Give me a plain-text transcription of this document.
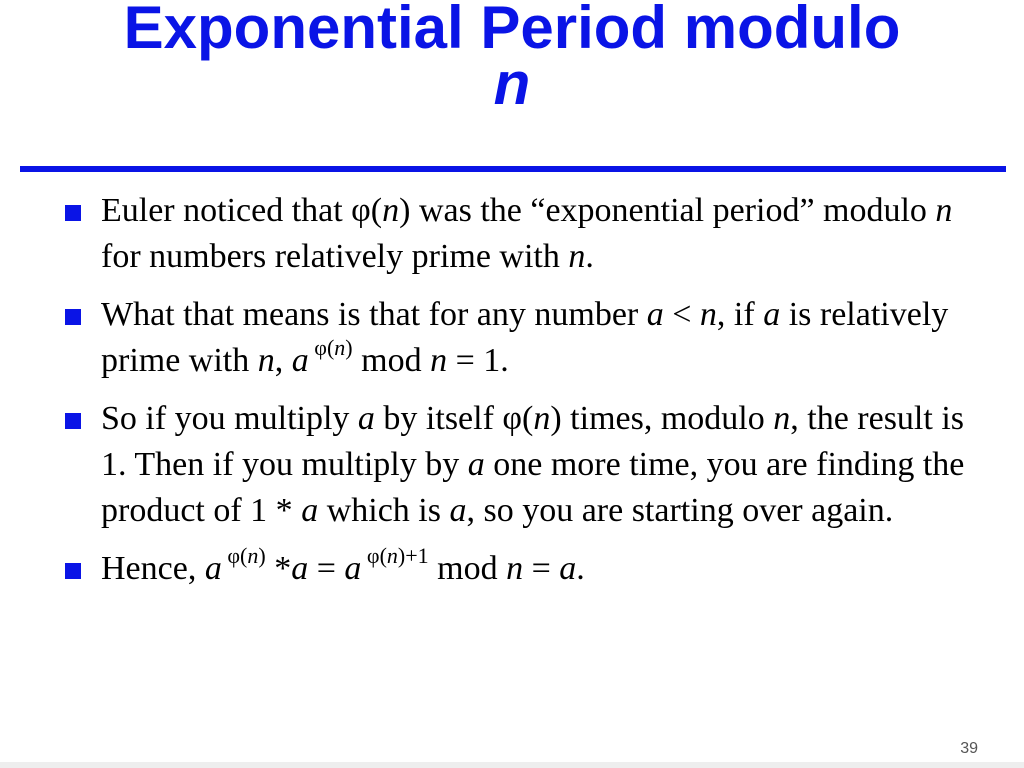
Exponential Period modulo
n
Euler noticed that φ(n) was the “exponential period” modulo n for numbers relatively prime with n.
What that means is that for any number a < n, if a is relatively prime with n, a $^{\varphi(n)}$ mod n = 1.
So if you multiply a by itself φ(n) times, modulo n, the result is 1. Then if you multiply by a one more time, you are finding the product of 1 * a which is a, so you are starting over again.
Hence, a $^{\varphi(n)}$ *a = a $^{\varphi(n)+1}$ mod n = a.
39
